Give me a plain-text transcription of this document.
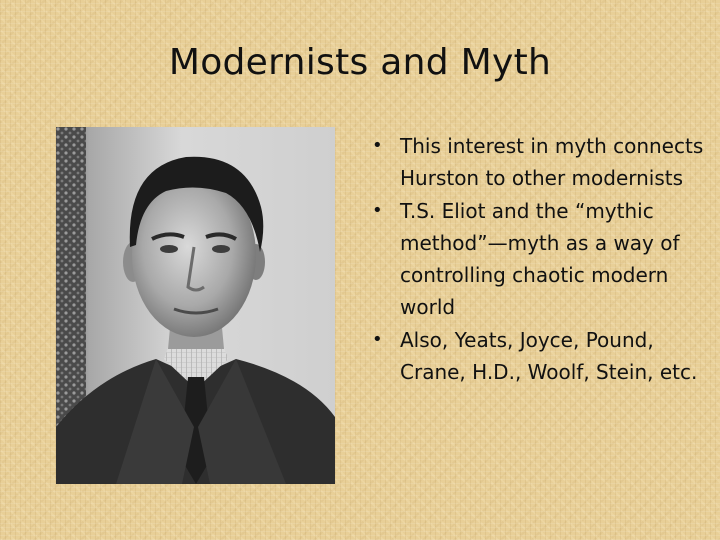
Modernists and Myth
• This interest in myth connects Hurston to other modernists
• T.S. Eliot and the “mythic method”—myth as a way of controlling chaotic modern world
• Also, Yeats, Joyce, Pound, Crane, H.D., Woolf, Stein, etc.
